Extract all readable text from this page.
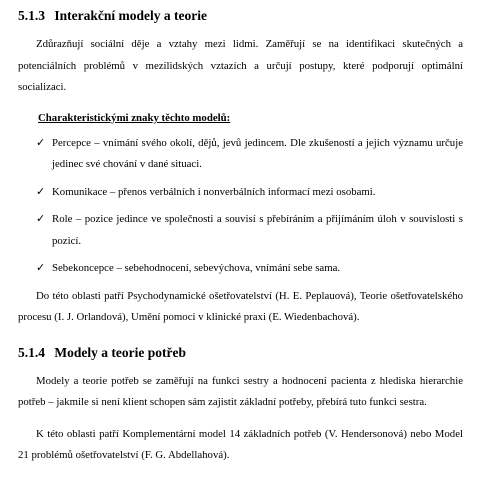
5.1.3 Interakční modely a teorie

Zdůrazňují sociální děje a vztahy mezi lidmi. Zaměřují se na identifikaci skutečných a potenciálních problémů v mezilidských vztazích a určují postupy, které podporují optimální socializaci.

Charakteristickými znaky těchto modelů:
✓ Percepce – vnímání svého okolí, dějů, jevů jedincem. Dle zkušeností a jejich významu určuje jedinec své chování v dané situaci.
✓ Komunikace – přenos verbálních i nonverbálních informací mezi osobami.
✓ Role – pozice jedince ve společnosti a souvisí s přebíráním a přijímáním úloh v souvislosti s pozicí.
✓ Sebekoncepce – sebehodnocení, sebevýchova, vnímání sebe sama.

Do této oblasti patří Psychodynamické ošetřovatelství (H. E. Peplauová), Teorie ošetřovatelského procesu (I. J. Orlandová), Umění pomoci v klinické praxi (E. Wiedenbachová).

5.1.4 Modely a teorie potřeb

Modely a teorie potřeb se zaměřují na funkci sestry a hodnocení pacienta z hlediska hierarchie potřeb – jakmile si není klient schopen sám zajistit základní potřeby, přebírá tuto funkci sestra.

K této oblasti patří Komplementární model 14 základních potřeb (V. Hendersonová) nebo Model 21 problémů ošetřovatelství (F. G. Abdellahová).
